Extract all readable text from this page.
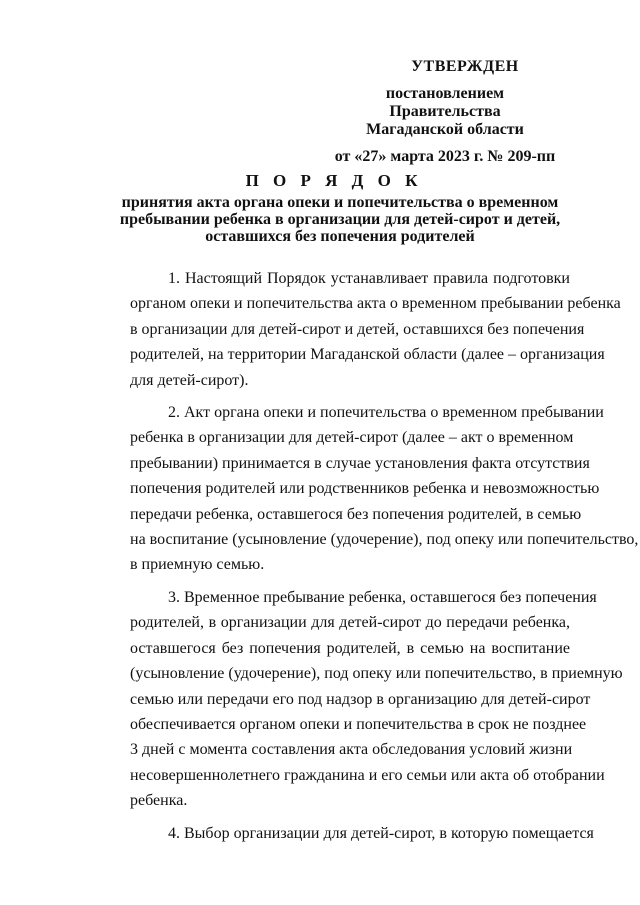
УТВЕРЖДЕН
постановлением Правительства
Магаданской области
от «27» марта 2023 г. № 209-пп
П О Р Я Д О К
принятия акта органа опеки и попечительства о временном
пребывании ребенка в организации для детей-сирот и детей,
оставшихся без попечения родителей
1. Настоящий Порядок устанавливает правила подготовки
органом опеки и попечительства акта о временном пребывании ребенка
в организации для детей-сирот и детей, оставшихся без попечения
родителей, на территории Магаданской области (далее – организация
для детей-сирот).
2. Акт органа опеки и попечительства о временном пребывании
ребенка в организации для детей-сирот (далее – акт о временном
пребывании) принимается в случае установления факта отсутствия
попечения родителей или родственников ребенка и невозможностью
передачи ребенка, оставшегося без попечения родителей, в семью
на воспитание (усыновление (удочерение), под опеку или попечительство,
в приемную семью.
3. Временное пребывание ребенка, оставшегося без попечения
родителей, в организации для детей-сирот до передачи ребенка,
оставшегося без попечения родителей, в семью на воспитание
(усыновление (удочерение), под опеку или попечительство, в приемную
семью или передачи его под надзор в организацию для детей-сирот
обеспечивается органом опеки и попечительства в срок не позднее
3 дней с момента составления акта обследования условий жизни
несовершеннолетнего гражданина и его семьи или акта об отобрании
ребенка.
4. Выбор организации для детей-сирот, в которую помещается
